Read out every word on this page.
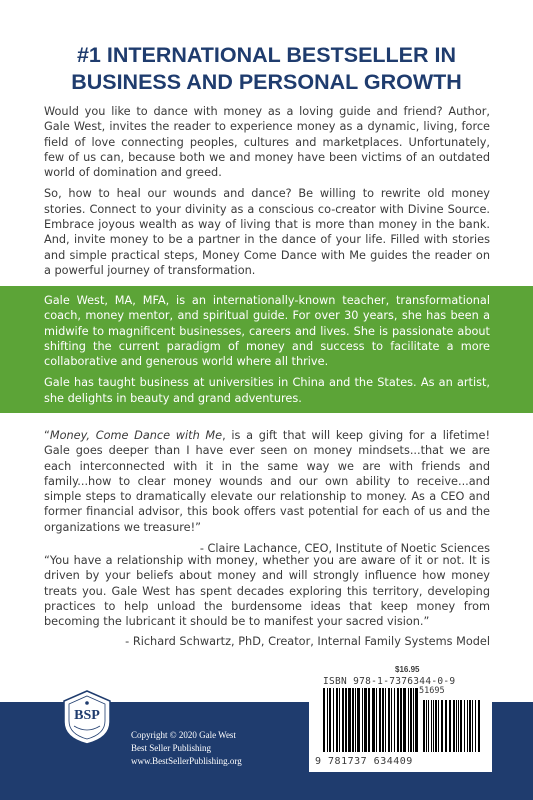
#1 INTERNATIONAL BESTSELLER IN
BUSINESS AND PERSONAL GROWTH

Would you like to dance with money as a loving guide and friend? Author, Gale West, invites the reader to experience money as a dynamic, living, force field of love connecting peoples, cultures and marketplaces. Unfortunately, few of us can, because both we and money have been victims of an outdated world of domination and greed.

So, how to heal our wounds and dance? Be willing to rewrite old money stories. Connect to your divinity as a conscious co-creator with Divine Source. Embrace joyous wealth as way of living that is more than money in the bank. And, invite money to be a partner in the dance of your life. Filled with stories and simple practical steps, Money Come Dance with Me guides the reader on a powerful journey of transformation.

Gale West, MA, MFA, is an internationally-known teacher, transformational coach, money mentor, and spiritual guide. For over 30 years, she has been a midwife to magnificent businesses, careers and lives. She is passionate about shifting the current paradigm of money and success to facilitate a more collaborative and generous world where all thrive.

Gale has taught business at universities in China and the States. As an artist, she delights in beauty and grand adventures.

“Money, Come Dance with Me, is a gift that will keep giving for a lifetime! Gale goes deeper than I have ever seen on money mindsets...that we are each interconnected with it in the same way we are with friends and family...how to clear money wounds and our own ability to receive...and simple steps to dramatically elevate our relationship to money. As a CEO and former financial advisor, this book offers vast potential for each of us and the organizations we treasure!”

- Claire Lachance, CEO, Institute of Noetic Sciences

“You have a relationship with money, whether you are aware of it or not. It is driven by your beliefs about money and will strongly influence how money treats you. Gale West has spent decades exploring this territory, developing practices to help unload the burdensome ideas that keep money from becoming the lubricant it should be to manifest your sacred vision.”

- Richard Schwartz, PhD, Creator, Internal Family Systems Model
BSP
Copyright © 2020 Gale West
Best Seller Publishing
www.BestSellerPublishing.org
$16.95
ISBN 978-1-7376344-0-9
51695
9 781737 634409
